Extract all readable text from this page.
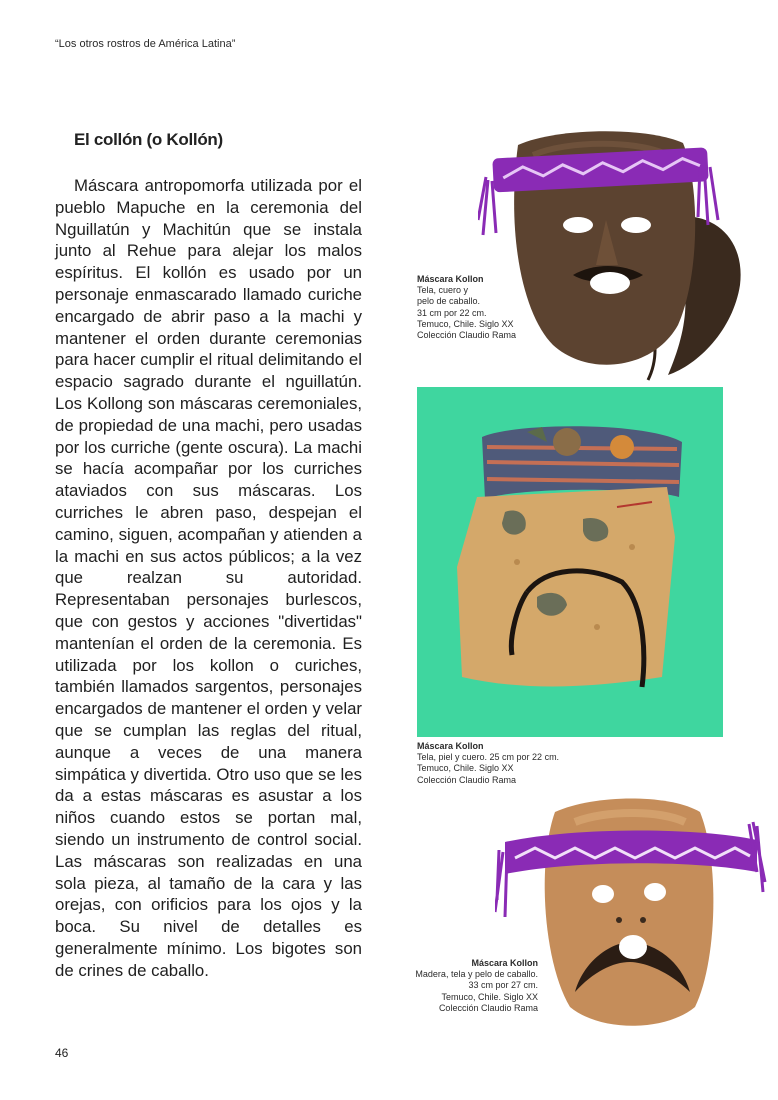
“Los otros rostros de América Latina”
El collón (o Kollón)

Máscara antropomorfa utilizada por el pueblo Mapuche en la ceremonia del Nguillatún y Machitún que se instala junto al Rehue para alejar los malos espíritus. El kollón es usado por un personaje enmascarado llamado curiche encargado de abrir paso a la machi y mantener el orden durante ceremonias para hacer cumplir el ritual delimitando el espacio sagrado durante el nguillatún. Los Kollong son máscaras ceremoniales, de propiedad de una machi, pero usadas por los curriche (gente oscura). La machi se hacía acompañar por los curriches ataviados con sus máscaras. Los curriches le abren paso, despejan el camino, siguen, acompañan y atienden a la machi en sus actos públicos; a la vez que realzan su autoridad. Representaban personajes burlescos, que con gestos y acciones "divertidas" mantenían el orden de la ceremonia. Es utilizada por los kollon o curiches, también llamados sargentos, personajes encargados de mantener el orden y velar que se cumplan las reglas del ritual, aunque a veces de una manera simpática y divertida. Otro uso que se les da a estas máscaras es asustar a los niños cuando estos se portan mal, siendo un instrumento de control social. Las máscaras son realizadas en una sola pieza, al tamaño de la cara y las orejas, con orificios para los ojos y la boca. Su nivel de detalles es generalmente mínimo. Los bigotes son de crines de caballo.

Máscara Kollon
Tela, cuero y
pelo de caballo.
31 cm por 22 cm.
Temuco, Chile. Siglo XX
Colección Claudio Rama
Máscara Kollon
Tela, piel y cuero. 25 cm por 22 cm.
Temuco, Chile. Siglo XX
Colección Claudio Rama
Máscara Kollon
Madera, tela y pelo de caballo.
33 cm por 27 cm.
Temuco, Chile. Siglo XX
Colección Claudio Rama
46
